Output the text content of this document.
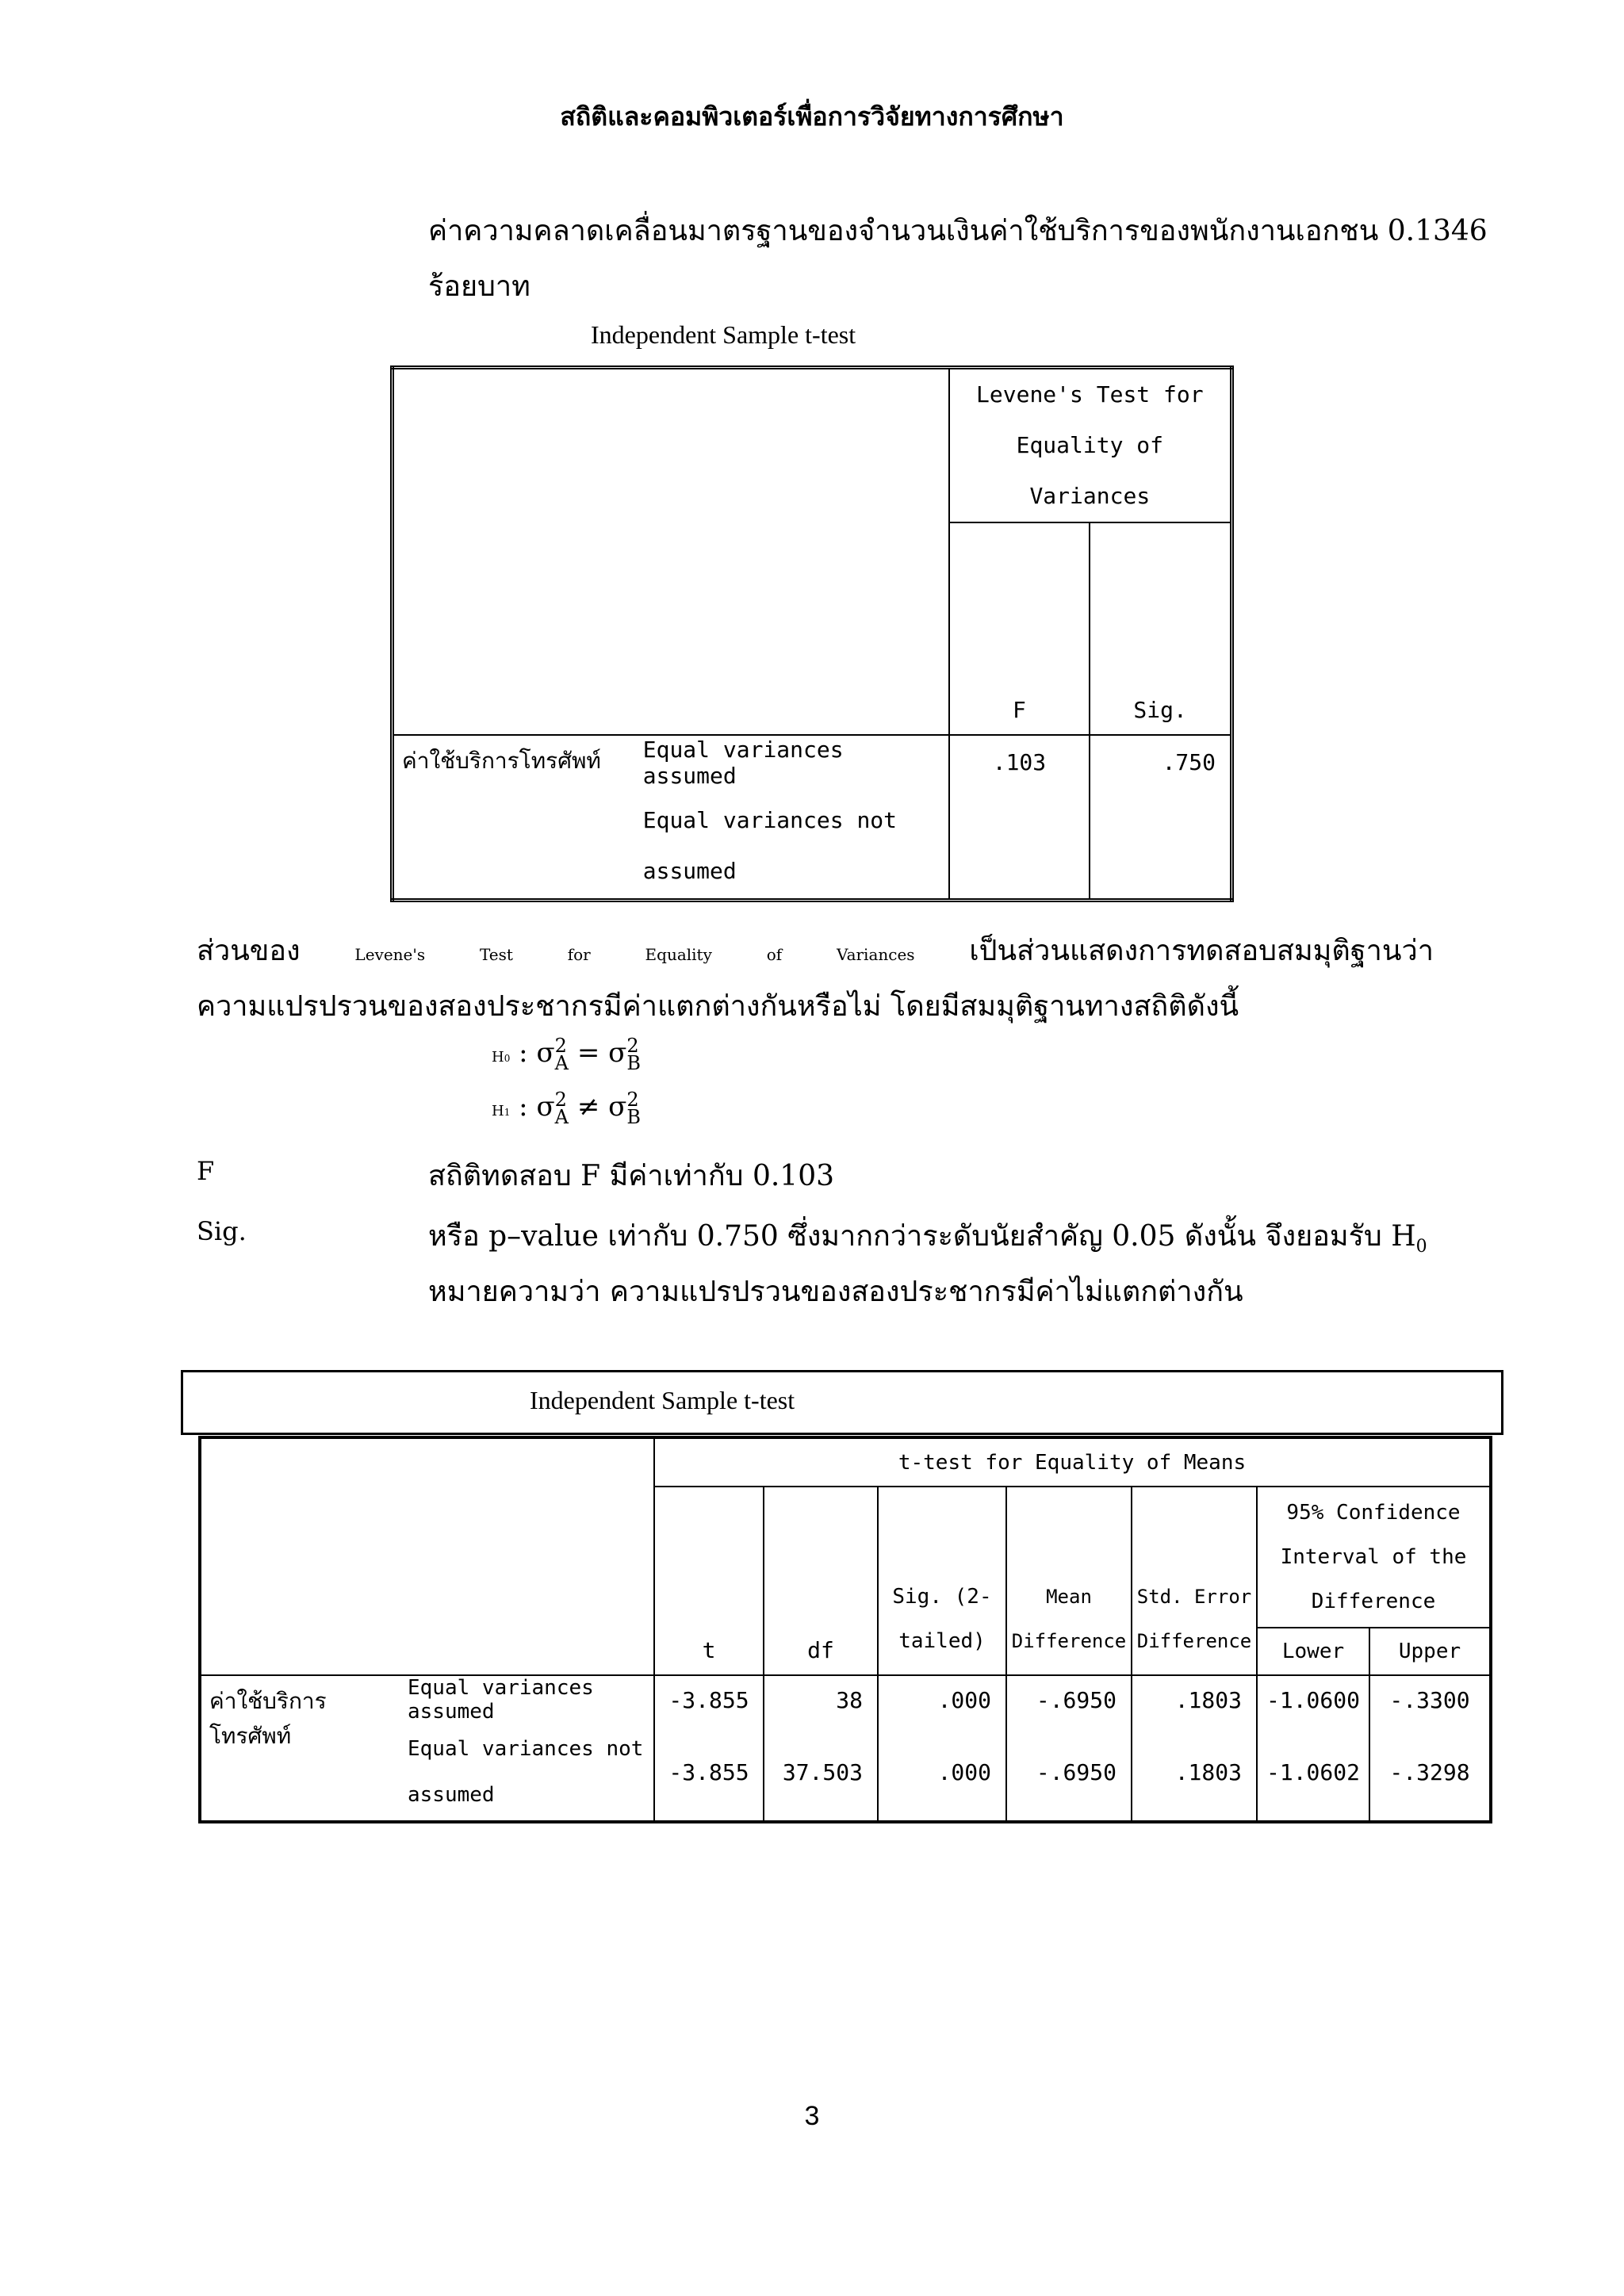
สถิติและคอมพิวเตอร์เพื่อการวิจัยทางการศึกษา
ค่าความคลาดเคลื่อนมาตรฐานของจำนวนเงินค่าใช้บริการของพนักงานเอกชน 0.1346
ร้อยบาท
Independent Sample t-test
		Levene's Test for Equality of Variances	
		F	Sig.
ค่าใช้บริการโทรศัพท์	Equal variances assumed	.103	.750
	Equal variances not assumed		
ส่วนของ	Levene's	Test	for	Equality	of	Variances เป็นส่วนแสดงการทดสอบสมมุติฐานว่า
ความแปรปรวนของสองประชากรมีค่าแตกต่างกันหรือไม่ โดยมีสมมุติฐานทางสถิติดังนี้
H0 : σ 2
A = σ 2
B
H1 : σ 2
A ≠ σ 2
B
F	สถิติทดสอบ F มีค่าเท่ากับ 0.103
Sig.	หรือ p–value เท่ากับ 0.750 ซึ่งมากกว่าระดับนัยสำคัญ 0.05 ดังนั้น จึงยอมรับ $H_0$
หมายความว่า ความแปรปรวนของสองประชากรมีค่าไม่แตกต่างกัน
Independent Sample t-test
		t-test for Equality of Means						
		t	df	Sig. (2-tailed)	Mean Difference	Std. Error Difference	95% Confidence Interval of the Difference	
							Lower	Upper
ค่าใช้บริการโทรศัพท์	Equal variances assumed	-3.855	38	.000	-.6950	.1803	-1.0600	-.3300
	Equal variances not assumed	-3.855	37.503	.000	-.6950	.1803	-1.0602	-.3298
3
